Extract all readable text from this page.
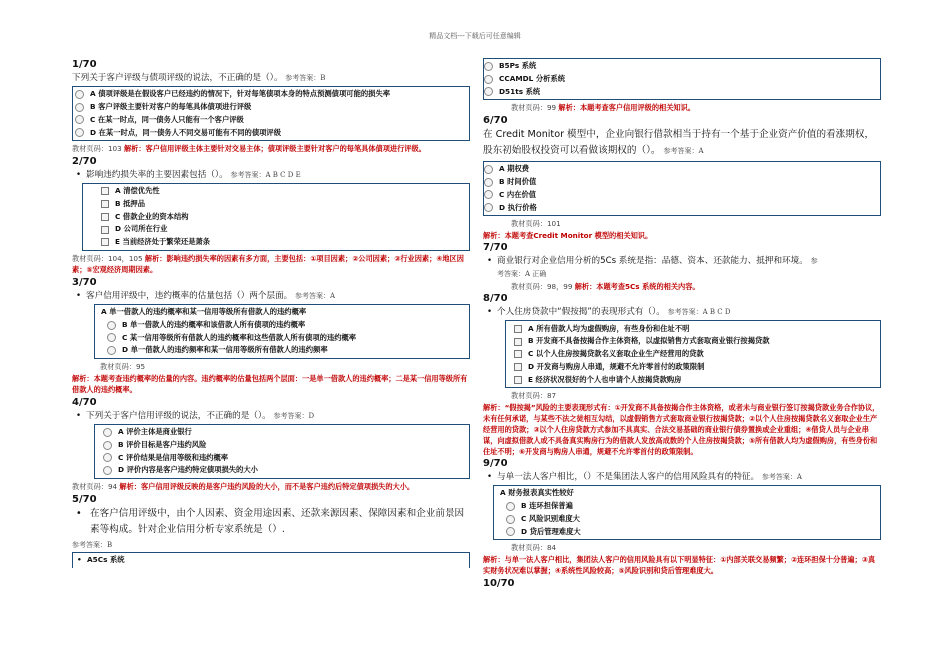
精品文档---下载后可任意编辑
1/70
下列关于客户评级与债项评级的说法，不正确的是（）。 参考答案：B
A 债项评级是在假设客户已经违约的情况下，针对每笔债项本身的特点预测债项可能的损失率
B 客户评级主要针对客户的每笔具体债项进行评级
C 在某一时点，同一债务人只能有一个客户评级
D 在某一时点，同一债务人不同交易可能有不同的债项评级
教材页码：103 解析：客户信用评级主体主要针对交易主体；债项评级主要针对客户的每笔具体债项进行评级。
2/70
• 影响违约损失率的主要因素包括（）。 参考答案：A B C D E
A 清偿优先性
B 抵押品
C 借款企业的资本结构
D 公司所在行业
E 当前经济处于繁荣还是萧条
教材页码：104，105 解析：影响违约损失率的因素有多方面，主要包括：①项目因素；②公司因素；③行业因素；④地区因素；⑤宏观经济周期因素。
3/70
• 客户信用评级中，违约概率的估量包括（）两个层面。 参考答案：A
A 单一借款人的违约概率和某一信用等级所有借款人的违约概率
B 单一借款人的违约概率和该借款人所有债项的违约概率
C 某一信用等级所有借款人的违约概率和这些借款人所有债项的违约概率
D 单一借款人的违约频率和某一信用等级所有借款人的违约频率
教材页码：95
解析：本题考查违约概率的估量的内容。违约概率的估量包括两个层面：一是单一借款人的违约概率；二是某一信用等级所有借款人的违约概率。
4/70
• 下列关于客户信用评级的说法，不正确的是（）。 参考答案：D
A 评价主体是商业银行
B 评价目标是客户违约风险
C 评价结果是信用等级和违约概率
D 评价内容是客户违约特定债项损失的大小
教材页码：94 解析：客户信用评级反映的是客户违约风险的大小，而不是客户违约后特定债项损失的大小。
5/70
• 在客户信用评级中，由个人因素、资金用途因素、还款来源因素、保障因素和企业前景因素等构成。针对企业信用分析专家系统是（）.
参考答案：B
• A5Cs 系统
B5Ps 系统
CCAMDL 分析系统
D51ts 系统
教材页码：99 解析：本题考查客户信用评级的相关知识。
6/70
在 Credit Monitor 模型中，企业向银行借款相当于持有一个基于企业资产价值的看涨期权，股东初始股权投资可以看做该期权的（）。 参考答案：A
A 期权费
B 时间价值
C 内在价值
D 执行价格
教材页码：101
解析：本题考查Credit Monitor 模型的相关知识。
7/70
• 商业银行对企业信用分析的5Cs 系统是指：品德、资本、还款能力、抵押和环境。 参
考答案：A 正确
教材页码：98，99 解析：本题考查5Cs 系统的相关内容。
8/70
• 个人住房贷款中“假按揭”的表现形式有（）。 参考答案：A B C D
A 所有借款人均为虚假购房，有些身份和住址不明
B 开发商不具备按揭合作主体资格，以虚拟销售方式套取商业银行按揭贷款
C 以个人住房按揭贷款名义套取企业生产经营用的贷款
D 开发商与购房人串通，规避不允许零首付的政策限制
E 经济状况很好的个人也申请个人按揭贷款购房
教材页码：87
解析：“假按揭”风险的主要表现形式有：①开发商不具备按揭合作主体资格，或者未与商业银行签订按揭贷款业务合作协议，未有任何承诺，与某些不法之徒相互勾结，以虚假销售方式套取商业银行按揭贷款；②以个人住房按揭贷款名义套取企业生产经营用的贷款；③以个人住房贷款方式参加不具真实、合法交易基础的商业银行债券置换或企业重组；④借贷人员与企业串谋，向虚拟借款人或不具备真实购房行为的借款人发放高成数的个人住房按揭贷款；⑤所有借款人均为虚假购房，有些身份和住址不明；⑥开发商与购房人串通，规避不允许零首付的政策限制。
9/70
• 与单一法人客户相比，（）不是集团法人客户的信用风险具有的特征。 参考答案：A
A 财务报表真实性较好
B 连环担保普遍
C 风险识别难度大
D 贷后管理难度大
教材页码：84
解析：与单一法人客户相比，集团法人客户的信用风险具有以下明显特征：①内部关联交易频繁；②连环担保十分普遍；③真实财务状况难以掌握；④系统性风险较高；⑤风险识别和贷后管理难度大。
10/70
